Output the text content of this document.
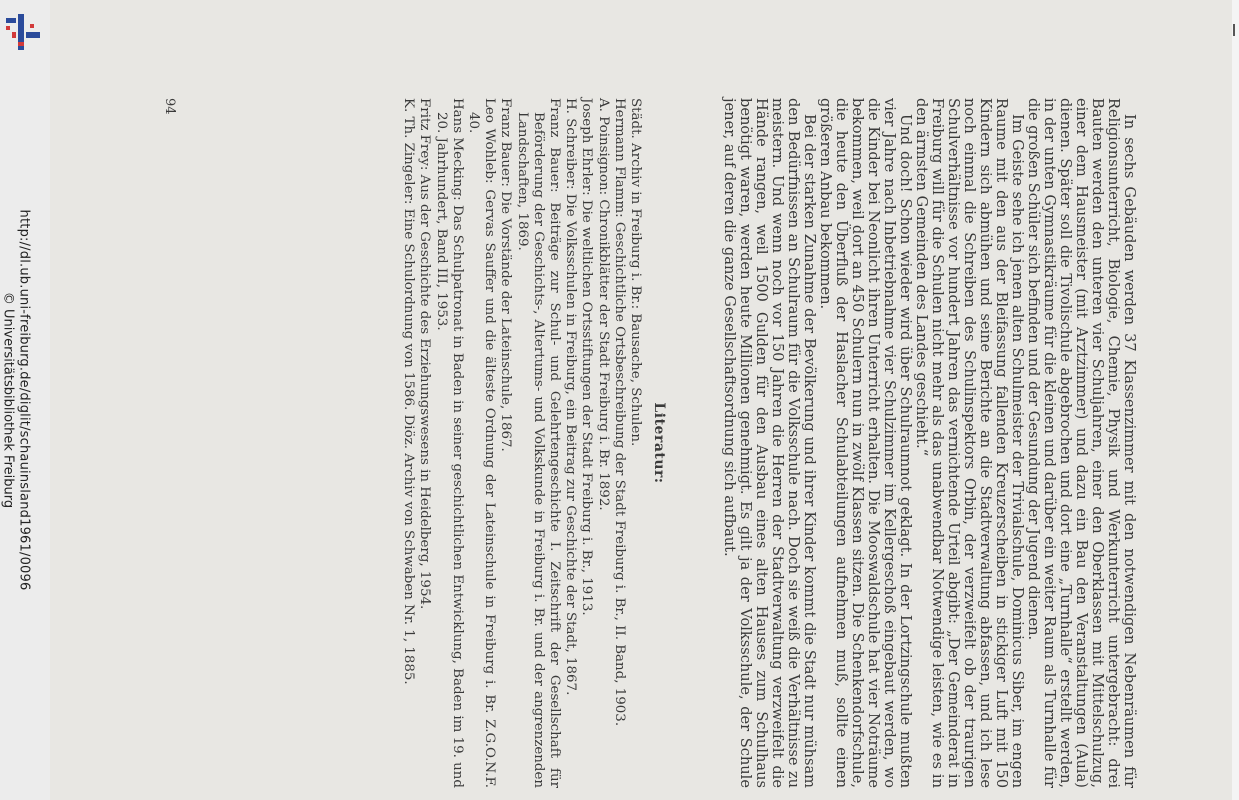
http://dl.ub.uni-freiburg.de/diglit/schauinsland1961/0096
© Universitätsbibliothek Freiburg	In sechs Gebäuden werden 37 Klassenzimmer mit den notwendigen Nebenräumen für Religionsunterricht, Biologie, Chemie, Physik und Werkunterricht untergebracht: drei Bauten werden den unteren vier Schuljahren, einer den Oberklassen mit Mittelschulzug, einer dem Hausmeister (mit Arztzimmer) und dazu ein Bau den Veranstaltungen (Aula) dienen. Später soll die Tivolischule abgebrochen und dort eine „Turnhalle“ erstellt werden, in der unten Gymnastikräume für die kleinen und darüber ein weiter Raum als Turnhalle für die großen Schüler sich befinden und der Gesundung der Jugend dienen.

Im Geiste sehe ich jenen alten Schulmeister der Trivialschule, Dominicus Siber, im engen Raume mit den aus der Bleifassung fallenden Kreuzerscheiben in stickiger Luft mit 150 Kindern sich abmühen und seine Berichte an die Stadtverwaltung abfassen, und ich lese noch einmal die Schreiben des Schulinspektors Orbin, der verzweifelt ob der traurigen Schulverhältnisse vor hundert Jahren das vernichtende Urteil abgibt: „Der Gemeinderat in Freiburg will für die Schulen nicht mehr als das unabwendbar Notwendige leisten, wie es in den ärmsten Gemeinden des Landes geschieht.“

Und doch! Schon wieder wird über Schulraumnot geklagt. In der Lortzingschule mußten vier Jahre nach Inbetriebnahme vier Schulzimmer im Kellergeschoß eingebaut werden, wo die Kinder bei Neonlicht ihren Unterricht erhalten. Die Mooswaldschule hat vier Noträume bekommen, weil dort an 450 Schulern nun in zwölf Klassen sitzen. Die Schenkendorfschule, die heute den Überfluß der Haslacher Schulabteilungen aufnehmen muß, sollte einen größeren Anbau bekommen.

Bei der starken Zunahme der Bevölkerung und ihrer Kinder kommt die Stadt nur mühsam den Bedürfnissen an Schulraum für die Volksschule nach. Doch sie weiß die Verhältnisse zu meistern. Und wenn noch vor 150 Jahren die Herren der Stadtverwaltung verzweifelt die Hände rangen, weil 1500 Gulden für den Ausbau eines alten Hauses zum Schulhaus benötigt waren, werden heute Millionen genehmigt. Es gilt ja der Volksschule, der Schule jener, auf deren die ganze Gesellschaftsordnung sich aufbaut.

Literatur:
Städt. Archiv in Freiburg i. Br.: Bausache, Schulen.
Hermann Flamm: Geschichtliche Ortsbeschreibung der Stadt Freiburg i. Br., II. Band, 1903.
A. Poinsignon: Chronikblätter der Stadt Freiburg i. Br. 1892.
Joseph Ehrler: Die weltlichen Ortsstiftungen der Stadt Freiburg i. Br., 1913.
H. Schreiber: Die Volksschulen in Freiburg, ein Beitrag zur Geschichte der Stadt, 1867.
Franz Bauer: Beiträge zur Schul- und Gelehrtengeschichte I. Zeitschrift der Gesellschaft für Beförderung der Geschichts-, Altertums- und Volkskunde in Freiburg i. Br. und der angrenzenden Landschaften, 1869.
Franz Bauer: Die Vorstände der Lateinschule, 1867.
Leo Wohleb: Gervas Sauffer und die älteste Ordnung der Lateinschule in Freiburg i. Br. Z.G.O.N.F. 40.
Hans Mecking: Das Schulpatronat in Baden in seiner geschichtlichen Entwicklung, Baden im 19. und 20. Jahrhundert, Band III, 1953.
Fritz Frey: Aus der Geschichte des Erziehungswesens in Heidelberg, 1954.
K. Th. Zingeler: Eine Schulordnung von 1586. Diöz. Archiv von Schwaben Nr. 1, 1885.
94
